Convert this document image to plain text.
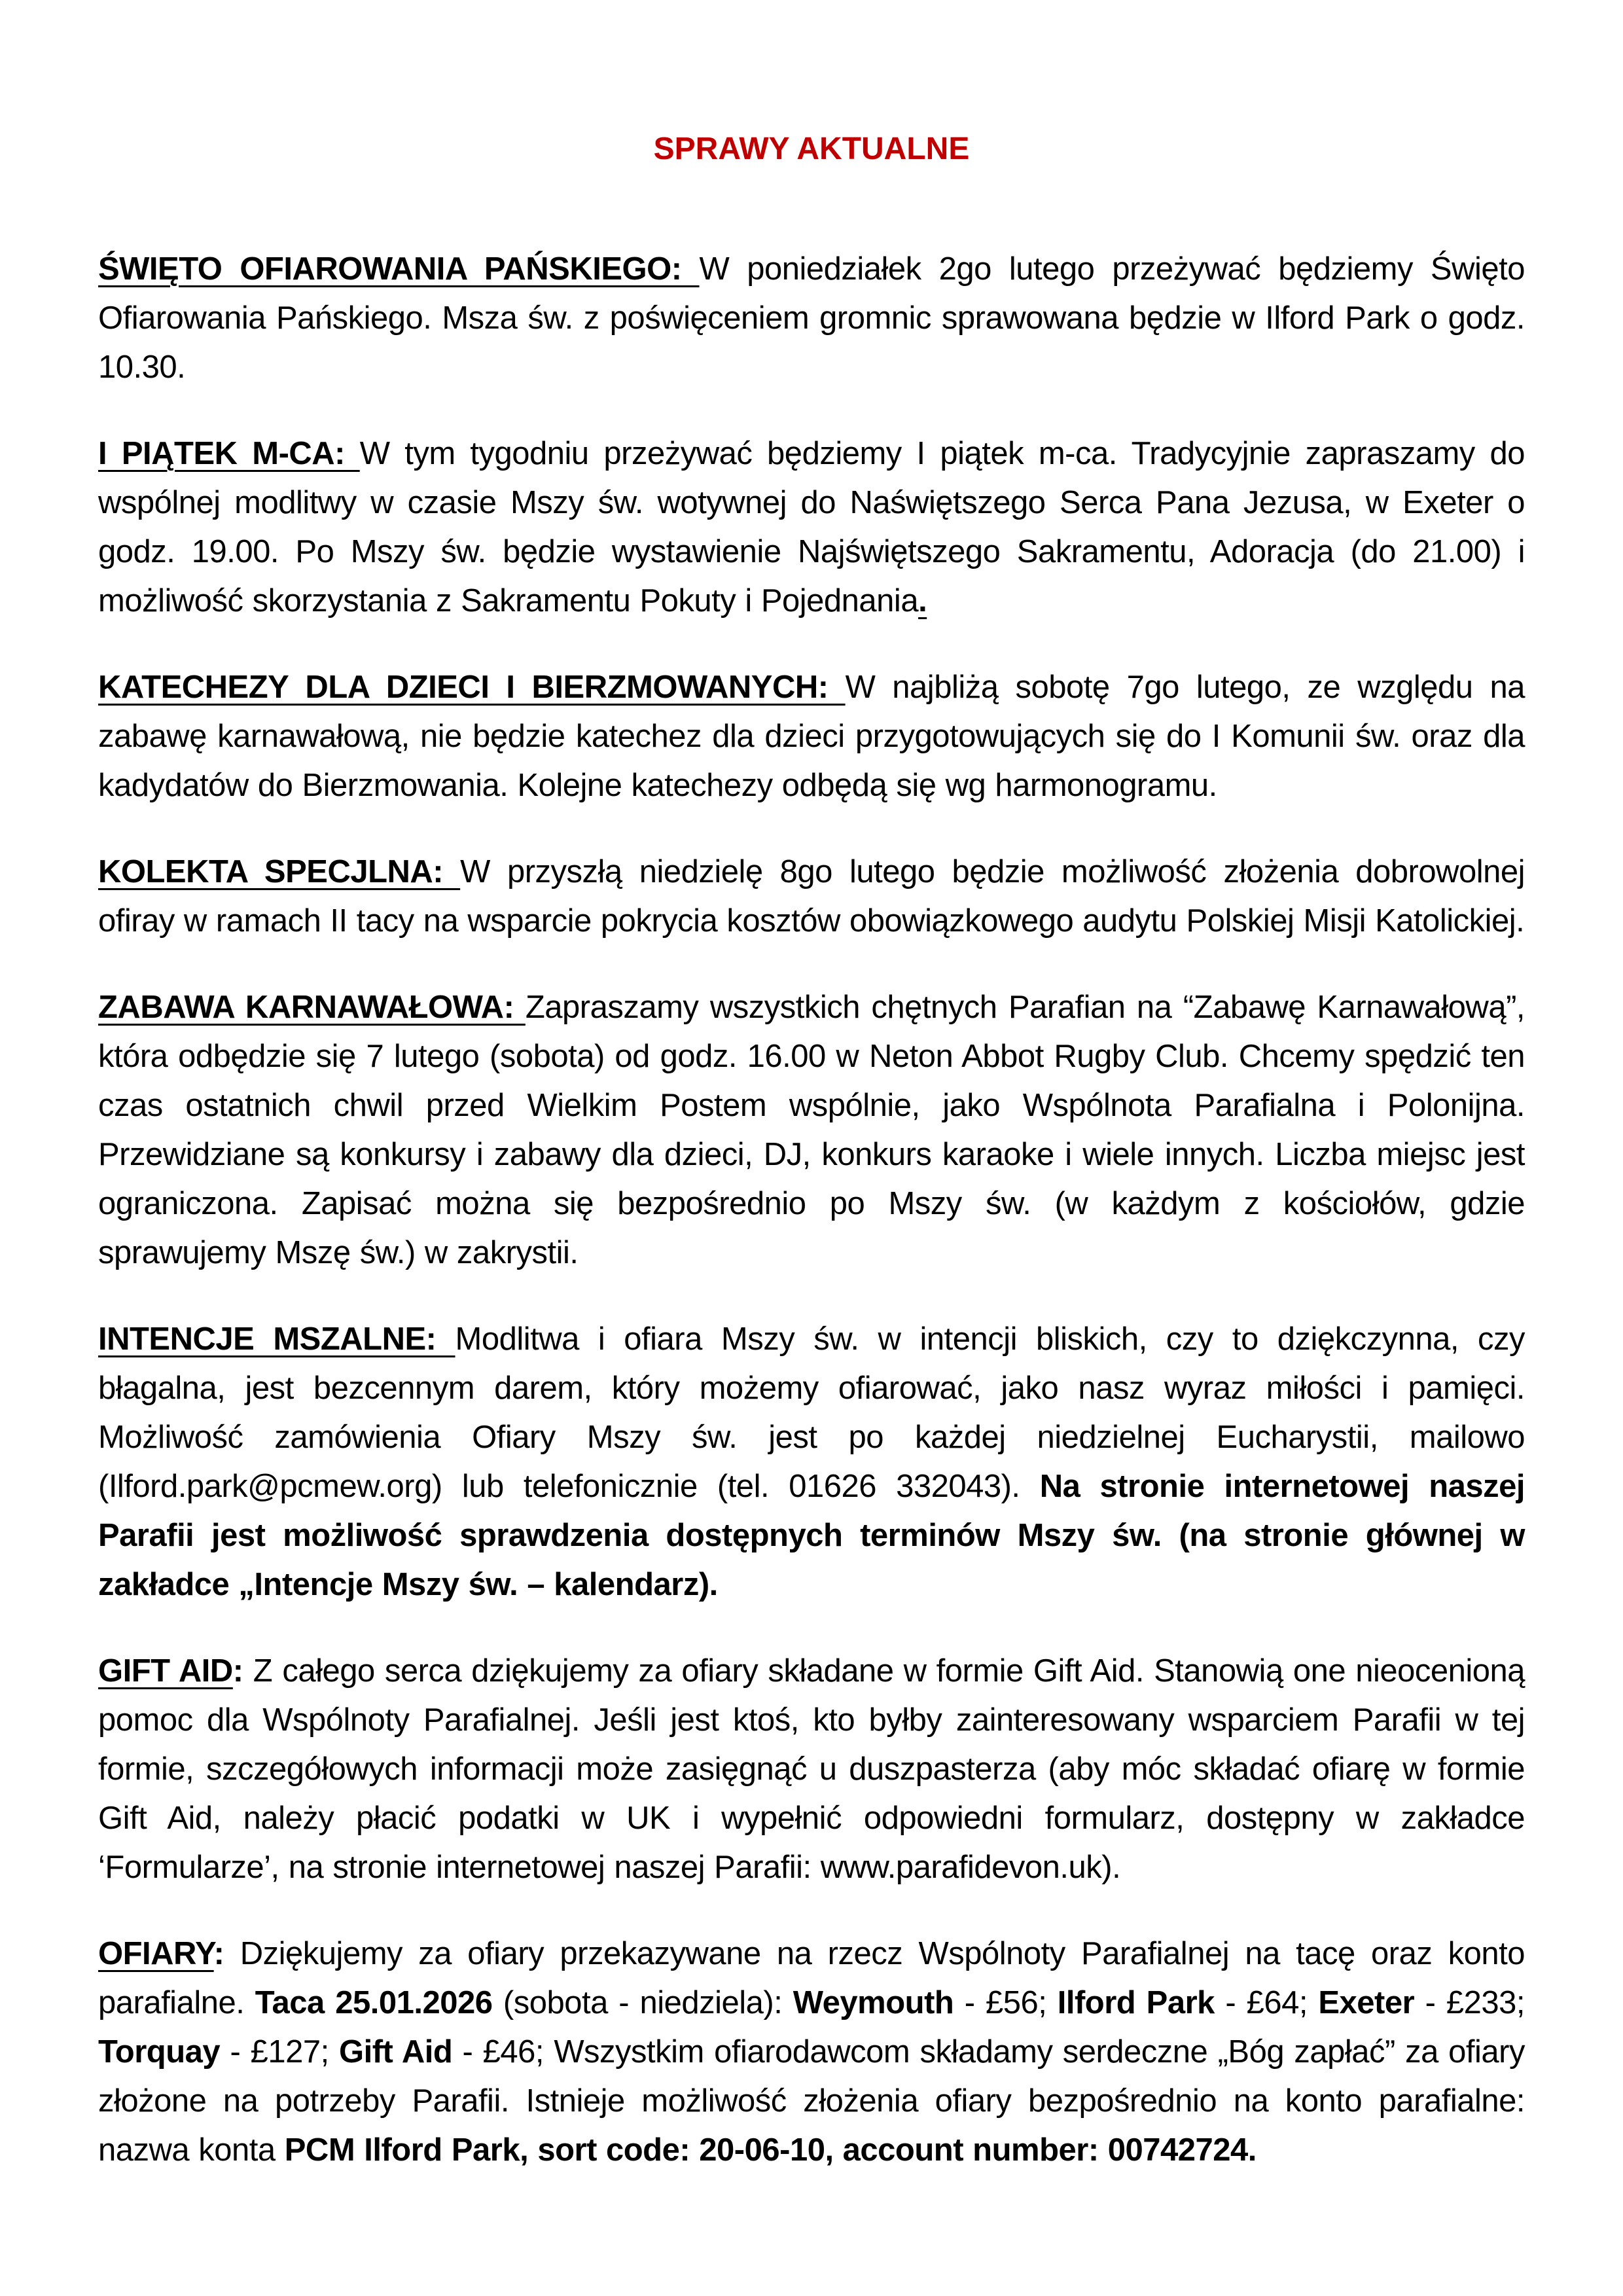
SPRAWY AKTUALNE

ŚWIĘTO OFIAROWANIA PAŃSKIEGO: W poniedziałek 2go lutego przeżywać będziemy Święto Ofiarowania Pańskiego. Msza św. z poświęceniem gromnic sprawowana będzie w Ilford Park o godz. 10.30.

I PIĄTEK M-CA: W tym tygodniu przeżywać będziemy I piątek m-ca. Tradycyjnie zapraszamy do wspólnej modlitwy w czasie Mszy św. wotywnej do Naświętszego Serca Pana Jezusa, w Exeter o godz. 19.00. Po Mszy św. będzie wystawienie Najświętszego Sakramentu, Adoracja (do 21.00) i możliwość skorzystania z Sakramentu Pokuty i Pojednania.

KATECHEZY DLA DZIECI I BIERZMOWANYCH: W najbliżą sobotę 7go lutego, ze względu na zabawę karnawałową, nie będzie katechez dla dzieci przygotowujących się do I Komunii św. oraz dla kadydatów do Bierzmowania. Kolejne katechezy odbędą się wg harmonogramu.

KOLEKTA SPECJLNA: W przyszłą niedzielę 8go lutego będzie możliwość złożenia dobrowolnej ofiray w ramach II tacy na wsparcie pokrycia kosztów obowiązkowego audytu Polskiej Misji Katolickiej.

ZABAWA KARNAWAŁOWA: Zapraszamy wszystkich chętnych Parafian na “Zabawę Karnawałową”, która odbędzie się 7 lutego (sobota) od godz. 16.00 w Neton Abbot Rugby Club. Chcemy spędzić ten czas ostatnich chwil przed Wielkim Postem wspólnie, jako Wspólnota Parafialna i Polonijna. Przewidziane są konkursy i zabawy dla dzieci, DJ, konkurs karaoke i wiele innych. Liczba miejsc jest ograniczona. Zapisać można się bezpośrednio po Mszy św. (w każdym z kościołów, gdzie sprawujemy Mszę św.) w zakrystii.

INTENCJE MSZALNE: Modlitwa i ofiara Mszy św. w intencji bliskich, czy to dziękczynna, czy błagalna, jest bezcennym darem, który możemy ofiarować, jako nasz wyraz miłości i pamięci. Możliwość zamówienia Ofiary Mszy św. jest po każdej niedzielnej Eucharystii, mailowo (Ilford.park@pcmew.org) lub telefonicznie (tel. 01626 332043). Na stronie internetowej naszej Parafii jest możliwość sprawdzenia dostępnych terminów Mszy św. (na stronie głównej w zakładce „Intencje Mszy św. – kalendarz).

GIFT AID: Z całego serca dziękujemy za ofiary składane w formie Gift Aid. Stanowią one nieocenioną pomoc dla Wspólnoty Parafialnej. Jeśli jest ktoś, kto byłby zainteresowany wsparciem Parafii w tej formie, szczegółowych informacji może zasięgnąć u duszpasterza (aby móc składać ofiarę w formie Gift Aid, należy płacić podatki w UK i wypełnić odpowiedni formularz, dostępny w zakładce ‘Formularze’, na stronie internetowej naszej Parafii: www.parafidevon.uk).

OFIARY: Dziękujemy za ofiary przekazywane na rzecz Wspólnoty Parafialnej na tacę oraz konto parafialne. Taca 25.01.2026 (sobota - niedziela): Weymouth - £56; Ilford Park - £64; Exeter - £233; Torquay - £127; Gift Aid - £46; Wszystkim ofiarodawcom składamy serdeczne „Bóg zapłać” za ofiary złożone na potrzeby Parafii. Istnieje możliwość złożenia ofiary bezpośrednio na konto parafialne: nazwa konta PCM Ilford Park, sort code: 20-06-10, account number: 00742724.
